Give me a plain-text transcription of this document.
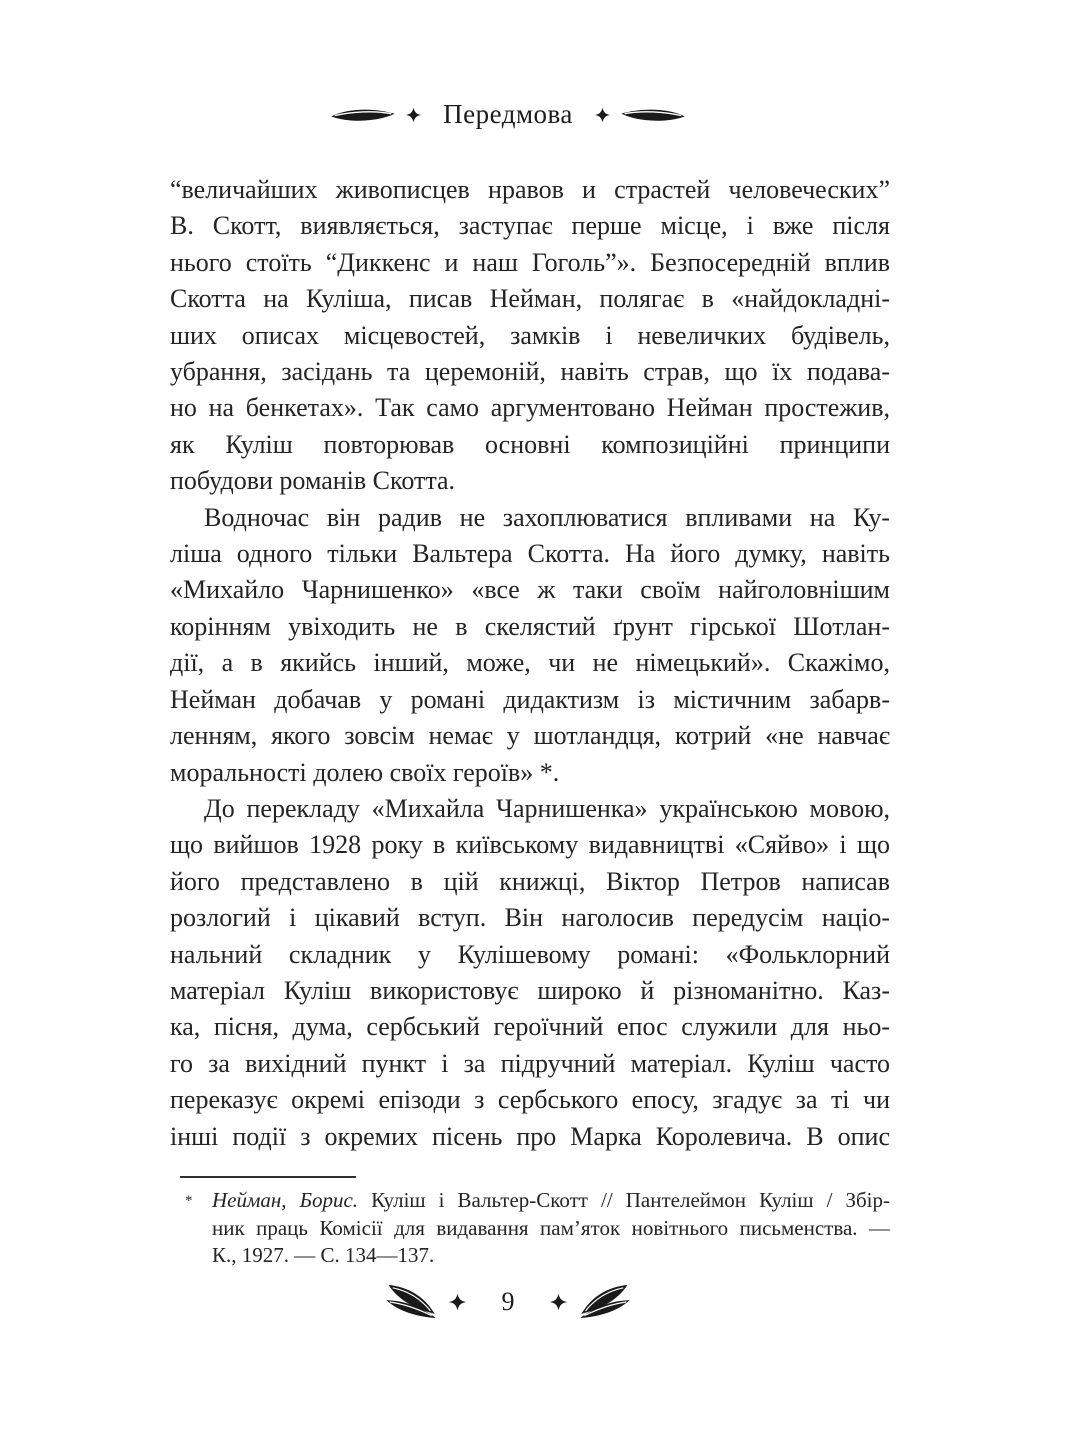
Передмова
“величайших живописцев нравов и страстей человеческих”
В. Скотт, виявляється, заступає перше місце, і вже після
нього стоїть “Диккенс и наш Гоголь”». Безпосередній вплив
Скотта на Куліша, писав Нейман, полягає в «найдокладні-
ших описах місцевостей, замків і невеличких будівель,
убрання, засідань та церемоній, навіть страв, що їх подава-
но на бенкетах». Так само аргументовано Нейман простежив,
як Куліш повторював основні композиційні принципи
побудови романів Скотта.
Водночас він радив не захоплюватися впливами на Ку-
ліша одного тільки Вальтера Скотта. На його думку, навіть
«Михайло Чарнишенко» «все ж таки своїм найголовнішим
корінням увіходить не в скелястий ґрунт гірської Шотлан-
дії, а в якийсь інший, може, чи не німецький». Скажімо,
Нейман добачав у романі дидактизм із містичним забарв-
ленням, якого зовсім немає у шотландця, котрий «не навчає
моральності долею своїх героїв» *.
До перекладу «Михайла Чарнишенка» українською мовою,
що вийшов 1928 року в київському видавництві «Сяйво» і що
його представлено в цій книжці, Віктор Петров написав
розлогий і цікавий вступ. Він наголосив передусім націо-
нальний складник у Кулішевому романі: «Фольклорний
матеріал Куліш використовує широко й різноманітно. Каз-
ка, пісня, дума, сербський героїчний епос служили для ньо-
го за вихідний пункт і за підручний матеріал. Куліш часто
переказує окремі епізоди з сербського епосу, згадує за ті чи
інші події з окремих пісень про Марка Королевича. В опис
* Нейман, Борис. Куліш і Вальтер-Скотт // Пантелеймон Куліш / Збір-
ник праць Комісії для видавання пам’яток новітнього письменства. —
К., 1927. — С. 134—137.
9
